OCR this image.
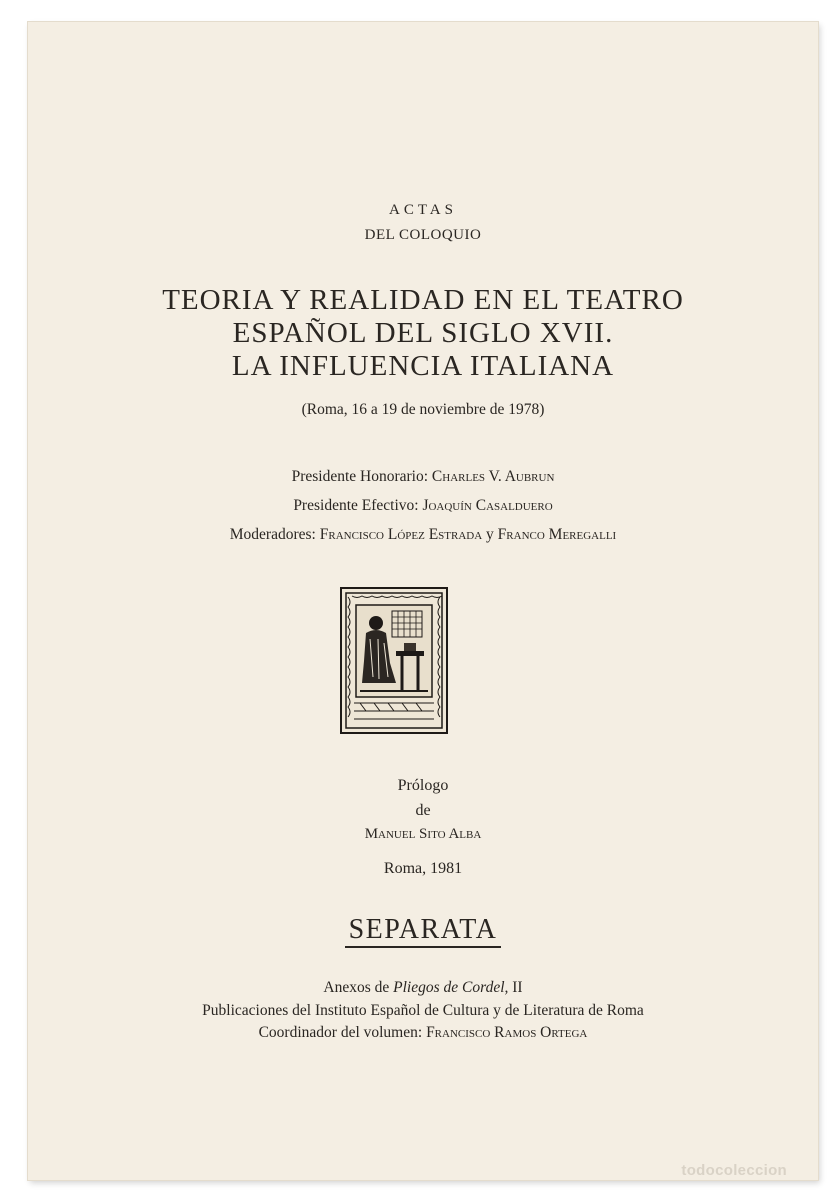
ACTAS
DEL COLOQUIO
TEORIA Y REALIDAD EN EL TEATRO
ESPAÑOL DEL SIGLO XVII.
LA INFLUENCIA ITALIANA
(Roma, 16 a 19 de noviembre de 1978)
Presidente Honorario: Charles V. Aubrun
Presidente Efectivo: Joaquín Casalduero
Moderadores: Francisco López Estrada y Franco Meregalli
Prólogo
de
Manuel Sito Alba
Roma, 1981
SEPARATA
Anexos de Pliegos de Cordel, II
Publicaciones del Instituto Español de Cultura y de Literatura de Roma
Coordinador del volumen: Francisco Ramos Ortega
todocoleccion
